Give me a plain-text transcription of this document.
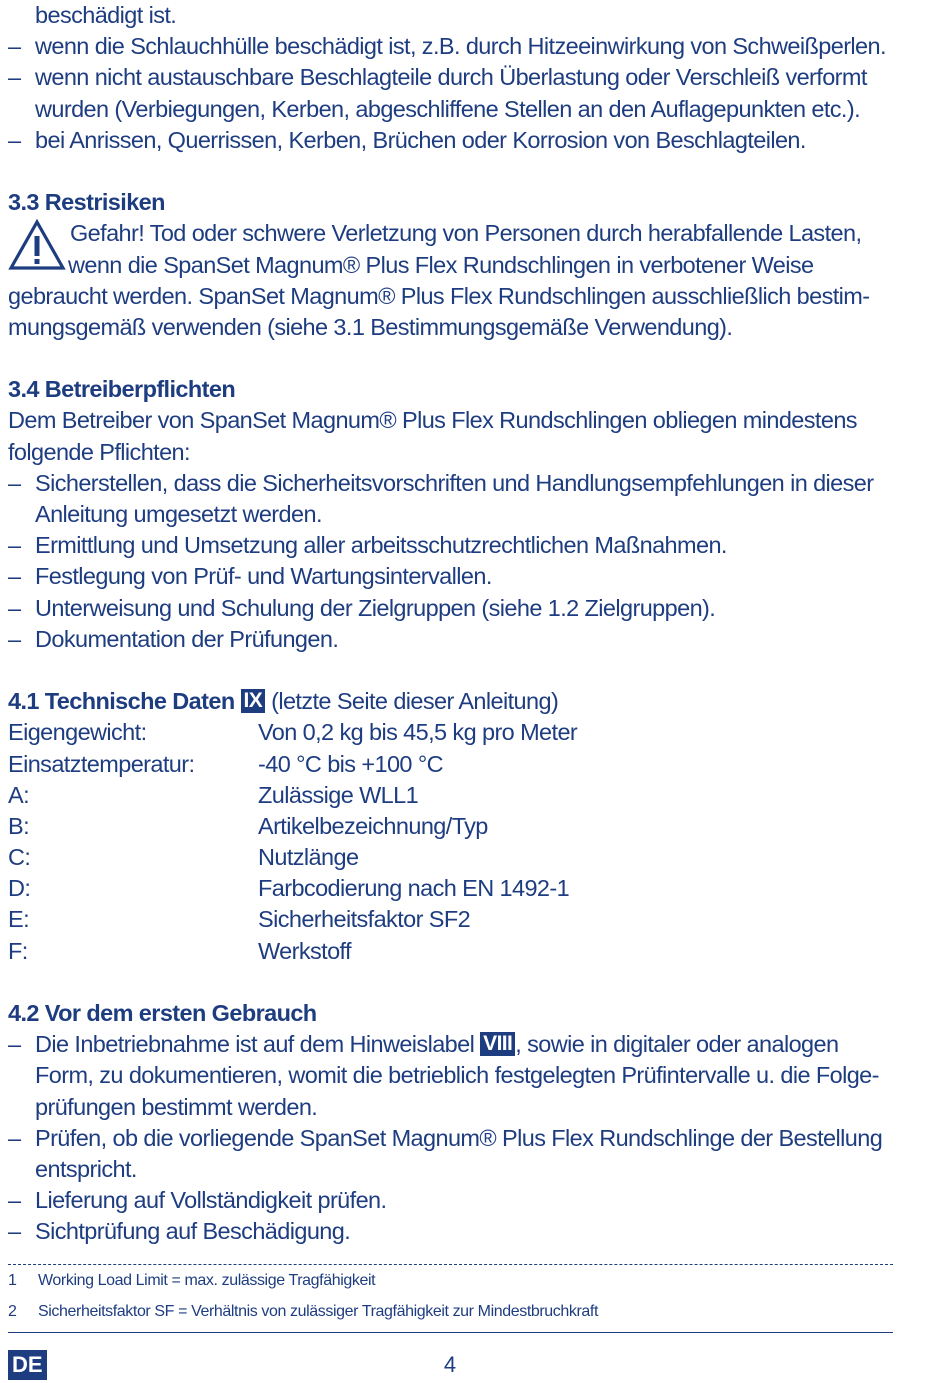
beschädigt ist.
– wenn die Schlauchhülle beschädigt ist, z.B. durch Hitzeeinwirkung von Schweißperlen.
– wenn nicht austauschbare Beschlagteile durch Überlastung oder Verschleiß verformt
wurden (Verbiegungen, Kerben, abgeschliffene Stellen an den Auflagepunkten etc.).
– bei Anrissen, Querrissen, Kerben, Brüchen oder Korrosion von Beschlagteilen.
3.3 Restrisiken
Gefahr! Tod oder schwere Verletzung von Personen durch herabfallende Lasten,
wenn die SpanSet Magnum® Plus Flex Rundschlingen in verbotener Weise
gebraucht werden. SpanSet Magnum® Plus Flex Rundschlingen ausschließlich bestim-
mungsgemäß verwenden (siehe 3.1 Bestimmungsgemäße Verwendung).
3.4 Betreiberpflichten
Dem Betreiber von SpanSet Magnum® Plus Flex Rundschlingen obliegen mindestens
folgende Pflichten:
– Sicherstellen, dass die Sicherheitsvorschriften und Handlungsempfehlungen in dieser
Anleitung umgesetzt werden.
– Ermittlung und Umsetzung aller arbeitsschutzrechtlichen Maßnahmen.
– Festlegung von Prüf- und Wartungsintervallen.
– Unterweisung und Schulung der Zielgruppen (siehe 1.2 Zielgruppen).
– Dokumentation der Prüfungen.
4.1 Technische Daten IX (letzte Seite dieser Anleitung)
Eigengewicht:	Von 0,2 kg bis 45,5 kg pro Meter
Einsatztemperatur:	-40 °C bis +100 °C
A:	Zulässige WLL1
B:	Artikelbezeichnung/Typ
C:	Nutzlänge
D:	Farbcodierung nach EN 1492-1
E:	Sicherheitsfaktor SF2
F:	Werkstoff
4.2 Vor dem ersten Gebrauch
– Die Inbetriebnahme ist auf dem Hinweislabel VIII , sowie in digitaler oder analogen
Form, zu dokumentieren, womit die betrieblich festgelegten Prüfintervalle u. die Folge-
prüfungen bestimmt werden.
– Prüfen, ob die vorliegende SpanSet Magnum® Plus Flex Rundschlinge der Bestellung
entspricht.
– Lieferung auf Vollständigkeit prüfen.
– Sichtprüfung auf Beschädigung.
1 Working Load Limit = max. zulässige Tragfähigkeit
2 Sicherheitsfaktor SF = Verhältnis von zulässiger Tragfähigkeit zur Mindestbruchkraft
DE	4
